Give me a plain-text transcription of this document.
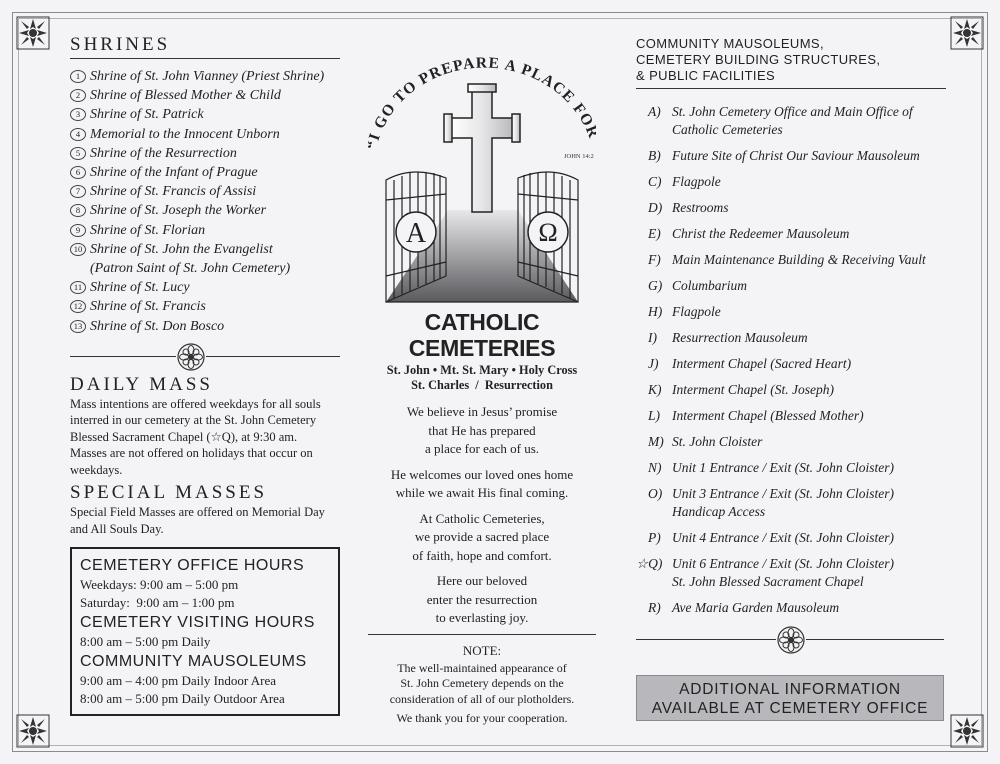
SHRINES
1 Shrine of St. John Vianney (Priest Shrine)
2 Shrine of Blessed Mother & Child
3 Shrine of St. Patrick
4 Memorial to the Innocent Unborn
5 Shrine of the Resurrection
6 Shrine of the Infant of Prague
7 Shrine of St. Francis of Assisi
8 Shrine of St. Joseph the Worker
9 Shrine of St. Florian
10 Shrine of St. John the Evangelist
(Patron Saint of St. John Cemetery)
11 Shrine of St. Lucy
12 Shrine of St. Francis
13 Shrine of St. Don Bosco
DAILY MASS
Mass intentions are offered weekdays for all souls interred in our cemetery at the St. John Cemetery Blessed Sacrament Chapel (☆Q), at 9:30 am.
Masses are not offered on holidays that occur on weekdays.
SPECIAL MASSES
Special Field Masses are offered on Memorial Day and All Souls Day.
CEMETERY OFFICE HOURS
Weekdays: 9:00 am – 5:00 pm
Saturday:  9:00 am – 1:00 pm
CEMETERY VISITING HOURS
8:00 am – 5:00 pm Daily
COMMUNITY MAUSOLEUMS
9:00 am – 4:00 pm Daily Indoor Area
8:00 am – 5:00 pm Daily Outdoor Area
GO TO PREPARE A PLACE FO
JOHN 14:2
A	Ω
CATHOLIC
CEMETERIES
St. John • Mt. St. Mary • Holy Cross
St. Charles  /  Resurrection
We believe in Jesus’ promise
that He has prepared
a place for each of us.
He welcomes our loved ones home
while we await His final coming.
At Catholic Cemeteries,
we provide a sacred place
of faith, hope and comfort.
Here our beloved
enter the resurrection
to everlasting joy.
NOTE:
The well-maintained appearance of
St. John Cemetery depends on the
consideration of all of our plotholders.
We thank you for your cooperation.
COMMUNITY MAUSOLEUMS,
CEMETERY BUILDING STRUCTURES,
& PUBLIC FACILITIES
A) St. John Cemetery Office and Main Office of
Catholic Cemeteries
B) Future Site of Christ Our Saviour Mausoleum
C) Flagpole
D) Restrooms
E) Christ the Redeemer Mausoleum
F) Main Maintenance Building & Receiving Vault
G) Columbarium
H) Flagpole
I)	Resurrection Mausoleum
J)	Interment Chapel (Sacred Heart)
K) Interment Chapel (St. Joseph)
L) Interment Chapel (Blessed Mother)
M) St. John Cloister
N) Unit 1 Entrance / Exit (St. John Cloister)
O) Unit 3 Entrance / Exit (St. John Cloister)
Handicap Access
P) Unit 4 Entrance / Exit (St. John Cloister)
☆Q) Unit 6 Entrance / Exit (St. John Cloister)
St. John Blessed Sacrament Chapel
R) Ave Maria Garden Mausoleum
ADDITIONAL INFORMATION
AVAILABLE AT CEMETERY OFFICE
